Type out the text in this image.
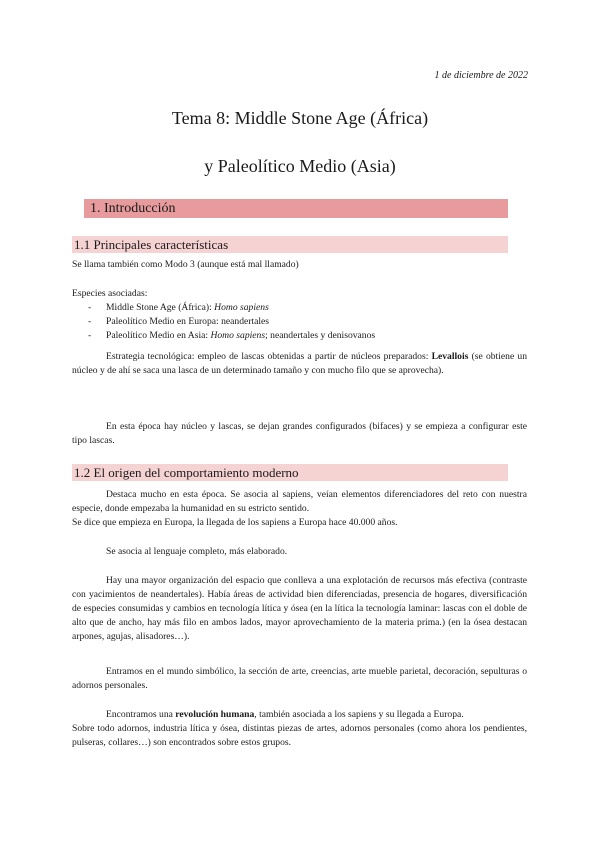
1 de diciembre de 2022
Tema 8: Middle Stone Age (África)
y Paleolítico Medio (Asia)
1. Introducción
1.1 Principales características
Se llama también como Modo 3 (aunque está mal llamado)
Especies asociadas:
- Middle Stone Age (África): Homo sapiens
- Paleolítico Medio en Europa: neandertales
- Paleolítico Medio en Asia: Homo sapiens; neandertales y denisovanos
Estrategia tecnológica: empleo de lascas obtenidas a partir de núcleos preparados: Levallois (se obtiene un núcleo y de ahí se saca una lasca de un determinado tamaño y con mucho filo que se aprovecha).
En esta época hay núcleo y lascas, se dejan grandes configurados (bifaces) y se empieza a configurar este tipo lascas.
1.2 El origen del comportamiento moderno
Destaca mucho en esta época. Se asocia al sapiens, veían elementos diferenciadores del reto con nuestra especie, donde empezaba la humanidad en su estricto sentido.
Se dice que empieza en Europa, la llegada de los sapiens a Europa hace 40.000 años.
Se asocia al lenguaje completo, más elaborado.
Hay una mayor organización del espacio que conlleva a una explotación de recursos más efectiva (contraste con yacimientos de neandertales). Había áreas de actividad bien diferenciadas, presencia de hogares, diversificación de especies consumidas y cambios en tecnología lítica y ósea (en la lítica la tecnología laminar: lascas con el doble de alto que de ancho, hay más filo en ambos lados, mayor aprovechamiento de la materia prima.) (en la ósea destacan arpones, agujas, alisadores…).
Entramos en el mundo simbólico, la sección de arte, creencias, arte mueble parietal, decoración, sepulturas o adornos personales.
Encontramos una revolución humana, también asociada a los sapiens y su llegada a Europa.
Sobre todo adornos, industria lítica y ósea, distintas piezas de artes, adornos personales (como ahora los pendientes, pulseras, collares…) son encontrados sobre estos grupos.
